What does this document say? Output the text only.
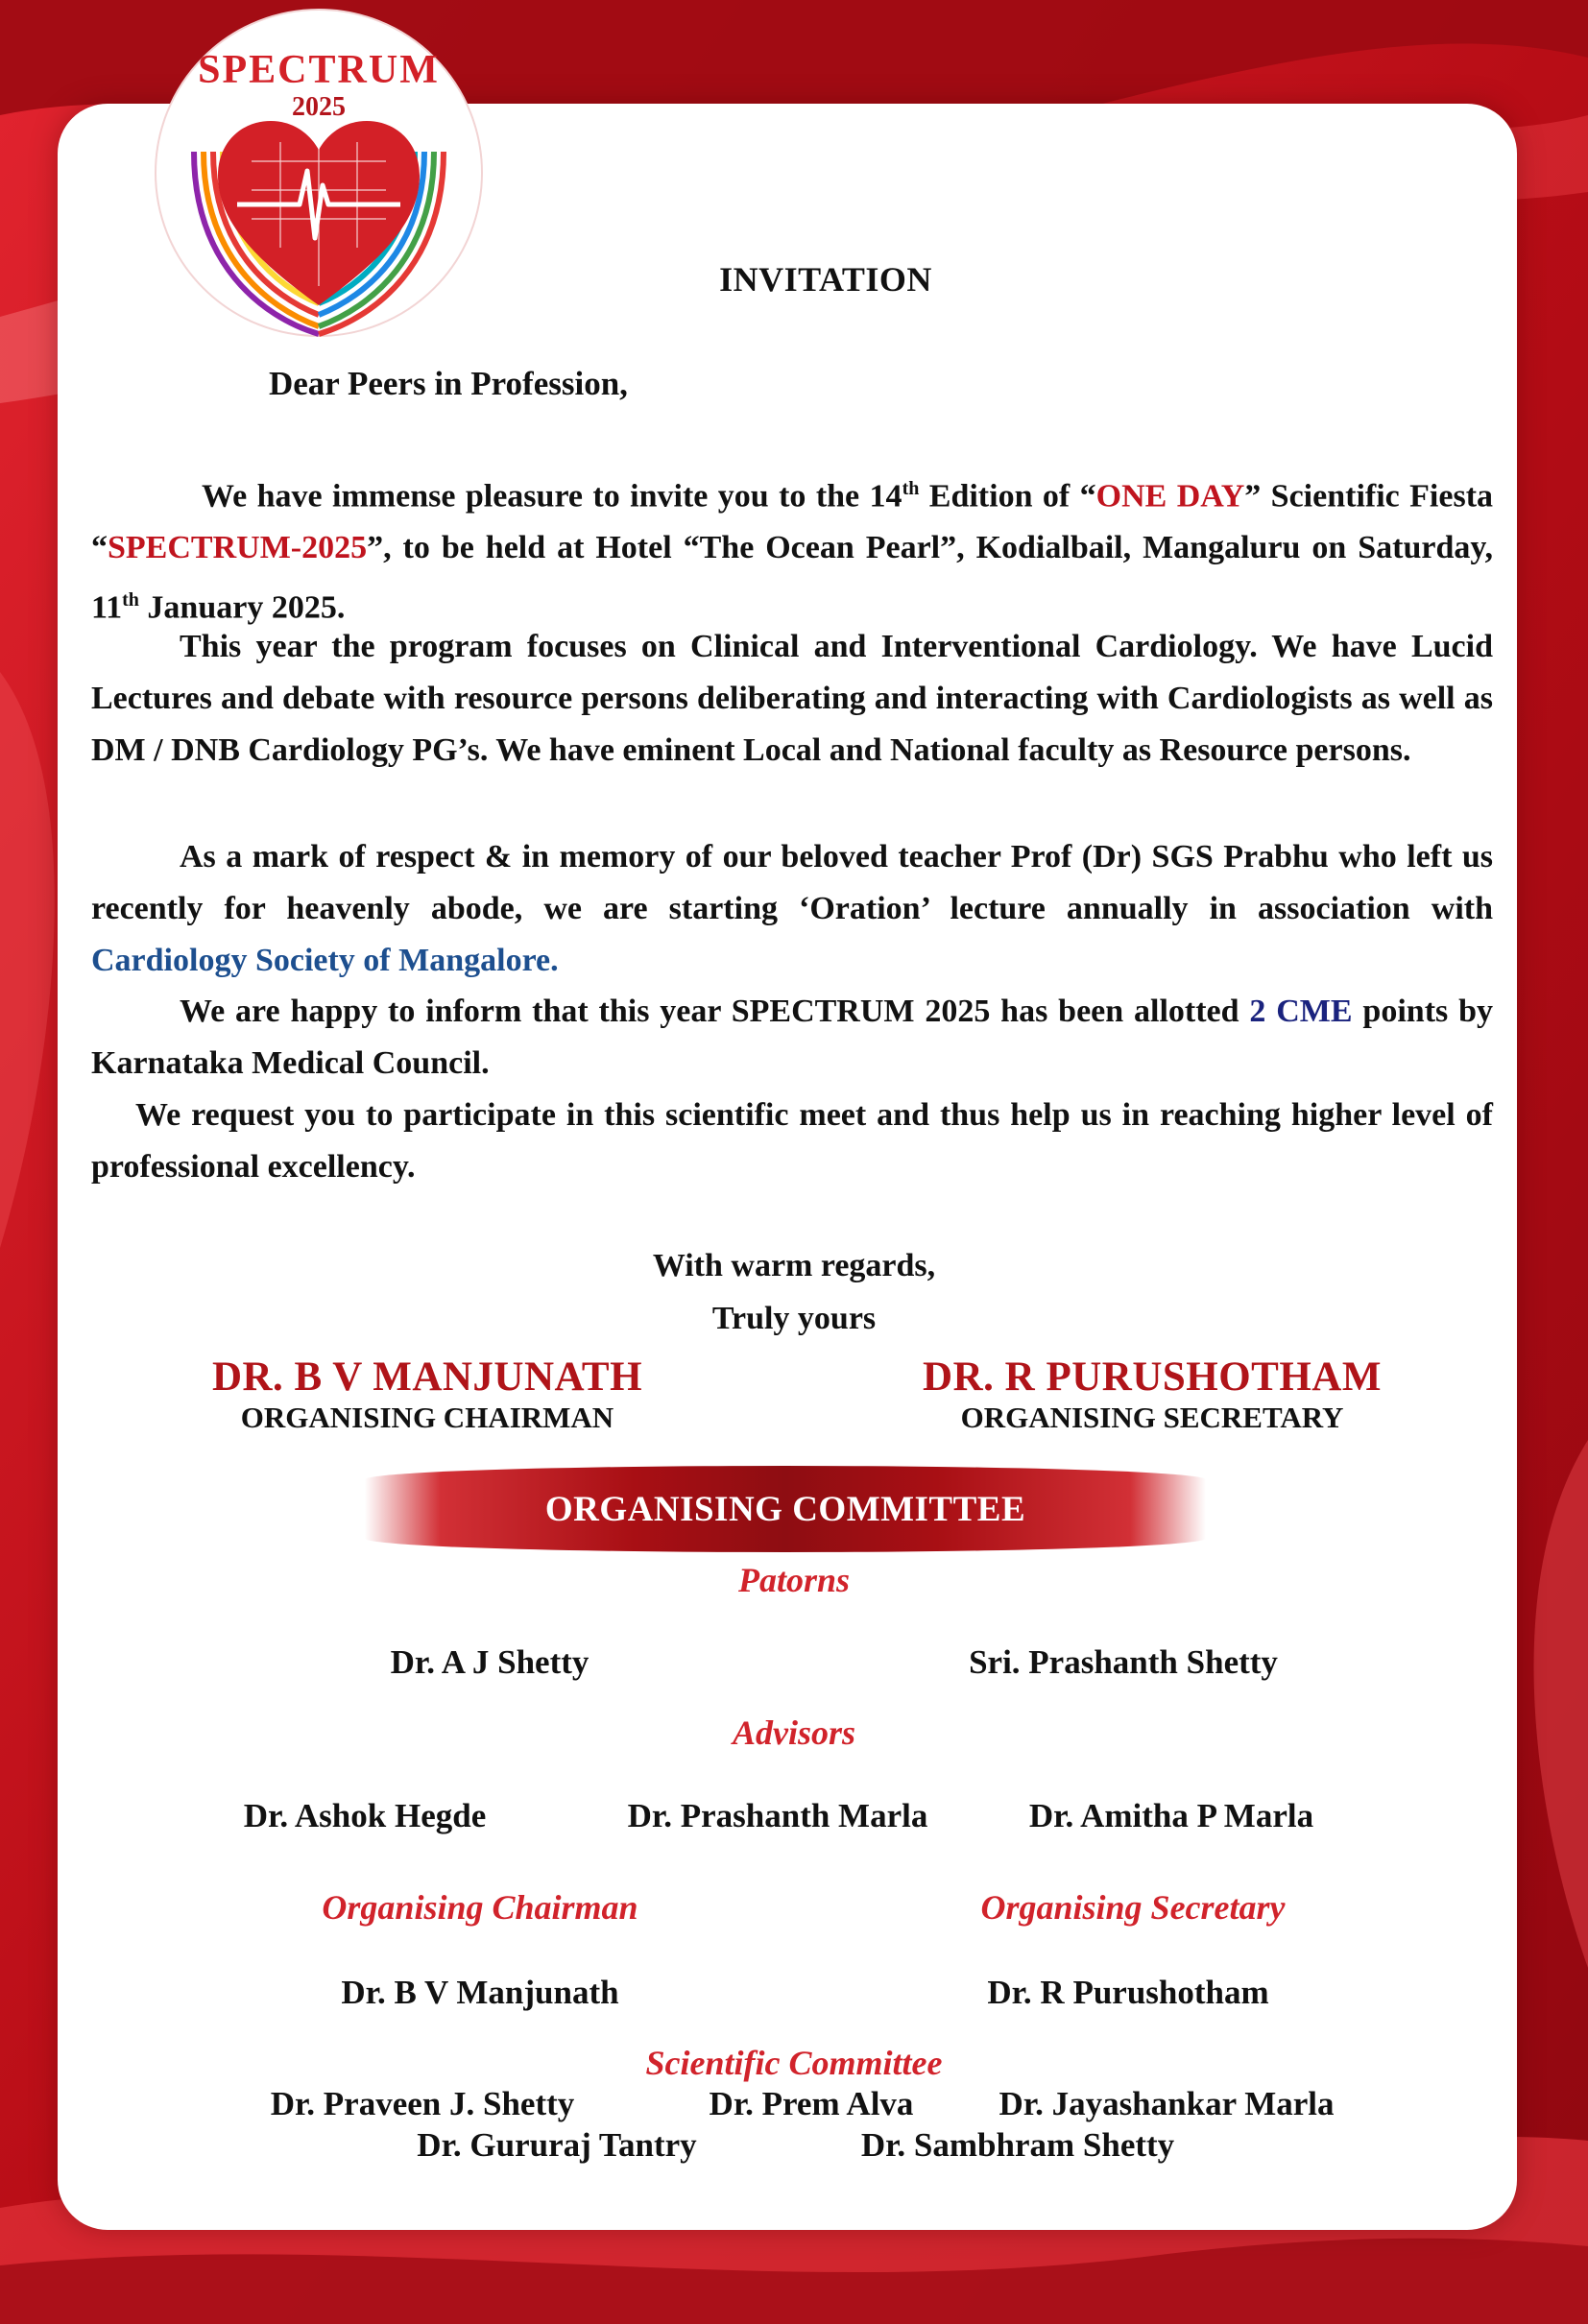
SPECTRUM
2025
INVITATION

Dear Peers in Profession,

We have immense pleasure to invite you to the 14th Edition of “ONE DAY” Scientific Fiesta “SPECTRUM-2025”, to be held at Hotel “The Ocean Pearl”, Kodialbail, Mangaluru on Saturday, 11th January 2025.

This year the program focuses on Clinical and Interventional Cardiology. We have Lucid Lectures and debate with resource persons deliberating and interacting with Cardiologists as well as DM / DNB Cardiology PG’s. We have eminent Local and National faculty as Resource persons.

As a mark of respect & in memory of our beloved teacher Prof (Dr) SGS Prabhu who left us recently for heavenly abode, we are starting ‘Oration’ lecture annually in association with Cardiology Society of Mangalore.

We are happy to inform that this year SPECTRUM 2025 has been allotted 2 CME points by Karnataka Medical Council.

We request you to participate in this scientific meet and thus help us in reaching higher level of professional excellency.

With warm regards,

Truly yours

DR. B V MANJUNATH
ORGANISING CHAIRMAN
DR. R PURUSHOTHAM
ORGANISING SECRETARY
ORGANISING COMMITTEE

Patorns

Dr. A J Shetty	Sri. Prashanth Shetty

Advisors

Dr. Ashok Hegde	Dr. Prashanth Marla	Dr. Amitha P Marla

Organising Chairman	Organising Secretary

Dr. B V Manjunath	Dr. R Purushotham

Scientific Committee

Dr. Praveen J. Shetty	Dr. Prem Alva	Dr. Jayashankar Marla

Dr. Gururaj Tantry	Dr. Sambhram Shetty
